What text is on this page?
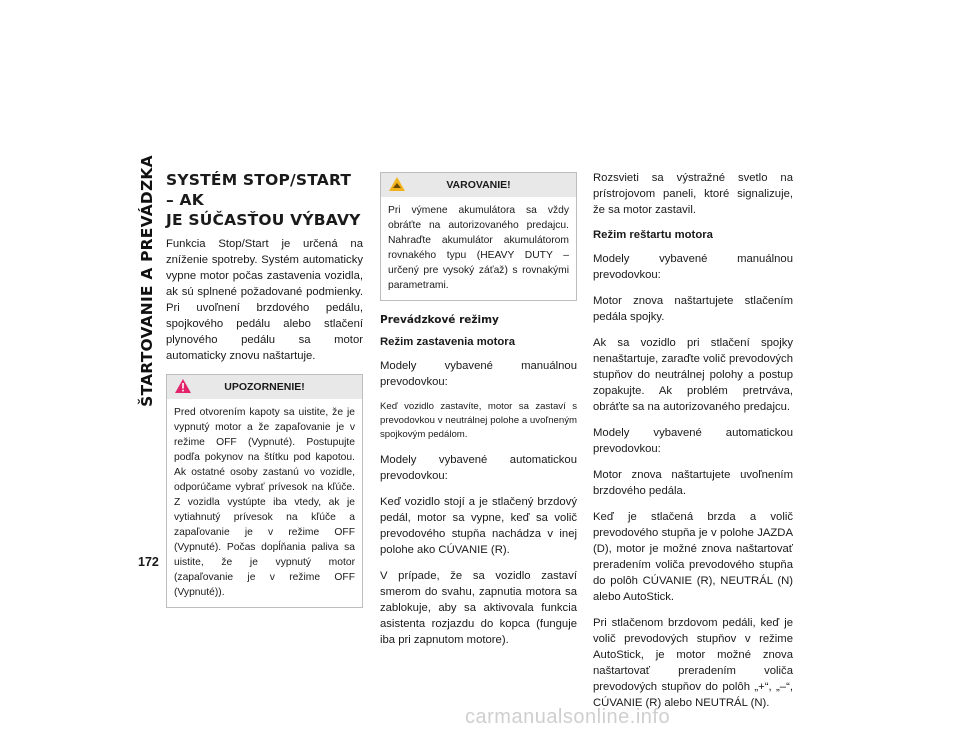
ŠTARTOVANIE A PREVÁDZKA
172
SYSTÉM STOP/START – AK
JE SÚČASŤOU VÝBAVY

Funkcia Stop/Start je určená na zníženie spotreby. Systém automaticky vypne motor počas zastavenia vozidla, ak sú splnené požadované podmienky. Pri uvoľnení brzdového pedálu, spojkového pedálu alebo stlačení plynového pedálu sa motor automaticky znovu naštartuje.

UPOZORNENIE!
Pred otvorením kapoty sa uistite, že je vypnutý motor a že zapaľovanie je v režime OFF (Vypnuté). Postupujte podľa pokynov na štítku pod kapotou. Ak ostatné osoby zastanú vo vozidle, odporúčame vybrať prívesok na kľúče. Z vozidla vystúpte iba vtedy, ak je vytiahnutý prívesok na kľúče a zapaľovanie je v režime OFF (Vypnuté). Počas dopĺňania paliva sa uistite, že je vypnutý motor (zapaľovanie je v režime OFF (Vypnuté)).
VAROVANIE!
Pri výmene akumulátora sa vždy obráťte na autorizovaného predajcu. Nahraďte akumulátor akumulátorom rovnakého typu (HEAVY DUTY – určený pre vysoký záťaž) s rovnakými parametrami.
Prevádzkové režimy
Režim zastavenia motora

Modely vybavené manuálnou prevodovkou:

Keď vozidlo zastavíte, motor sa zastaví s prevodovkou v neutrálnej polohe a uvoľneným spojkovým pedálom.

Modely vybavené automatickou prevodovkou:

Keď vozidlo stojí a je stlačený brzdový pedál, motor sa vypne, keď sa volič prevodového stupňa nachádza v inej polohe ako CÚVANIE (R).

V prípade, že sa vozidlo zastaví smerom do svahu, zapnutia motora sa zablokuje, aby sa aktivovala funkcia asistenta rozjazdu do kopca (funguje iba pri zapnutom motore).

Rozsvieti sa výstražné svetlo na prístrojovom paneli, ktoré signalizuje, že sa motor zastavil.

Režim reštartu motora

Modely vybavené manuálnou prevodovkou:

Motor znova naštartujete stlačením pedála spojky.

Ak sa vozidlo pri stlačení spojky nenaštartuje, zaraďte volič prevodových stupňov do neutrálnej polohy a postup zopakujte. Ak problém pretrváva, obráťte sa na autorizovaného predajcu.

Modely vybavené automatickou prevodovkou:

Motor znova naštartujete uvoľnením brzdového pedála.

Keď je stlačená brzda a volič prevodového stupňa je v polohe JAZDA (D), motor je možné znova naštartovať preradením voliča prevodového stupňa do polôh CÚVANIE (R), NEUTRÁL (N) alebo AutoStick.

Pri stlačenom brzdovom pedáli, keď je volič prevodových stupňov v režime AutoStick, je motor možné znova naštartovať preradením voliča prevodových stupňov do polôh „+“, „–“, CÚVANIE (R) alebo NEUTRÁL (N).

carmanualsonline.info
